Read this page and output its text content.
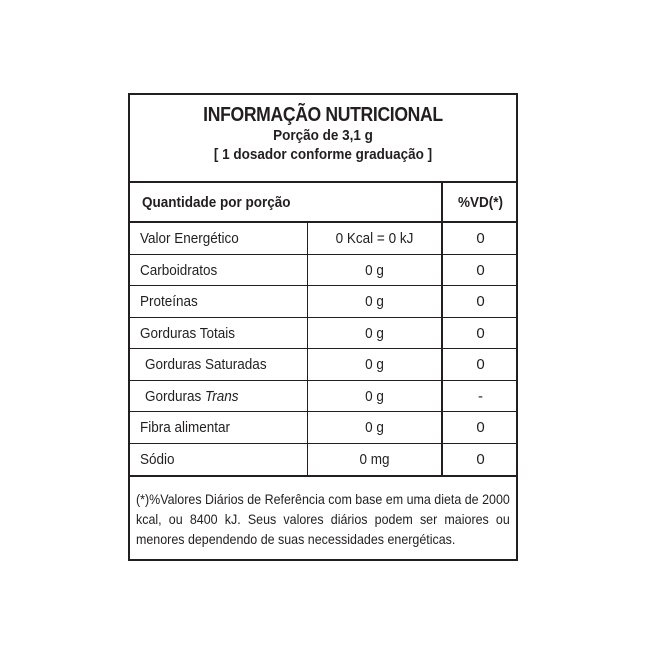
INFORMAÇÃO NUTRICIONAL
Porção de 3,1 g
[ 1 dosador conforme graduação ]
Quantidade por porção	%VD(*)
Valor Energético	0 Kcal = 0 kJ	0
Carboidratos	0 g	0
Proteínas	0 g	0
Gorduras Totais	0 g	0
Gorduras Saturadas	0 g	0
Gorduras Trans	0 g	-
Fibra alimentar	0 g	0
Sódio	0 mg	0

(*)%Valores Diários de Referência com base em uma dieta de 2000 kcal, ou 8400 kJ. Seus valores diários podem ser maiores ou menores dependendo de suas necessidades energéticas.
